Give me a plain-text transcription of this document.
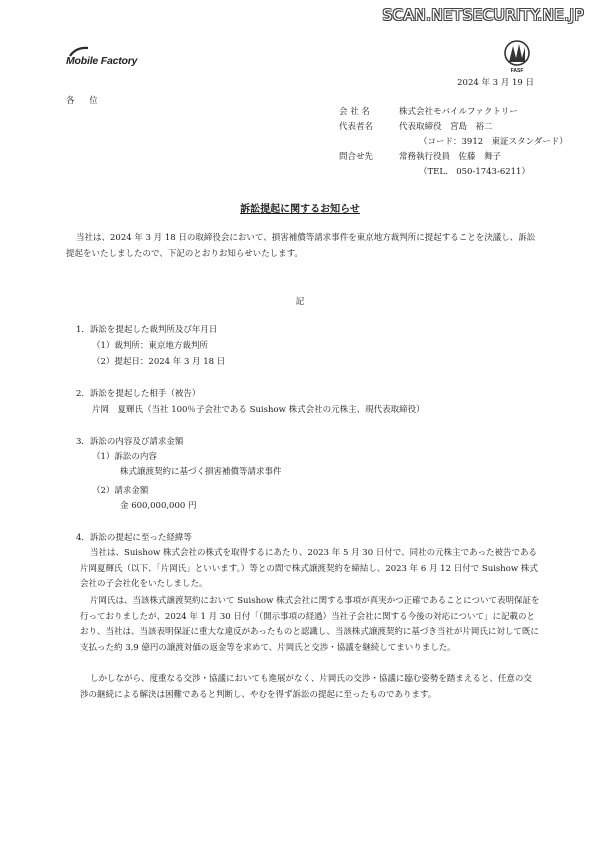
SCAN.NETSECURITY.NE.JP
Mobile Factory
FASF
2024 年 3 月 19 日
各 位
会 社 名	株式会社モバイルファクトリー
代表者名	代表取締役　宮島　裕二
（コード：3912　東証スタンダード）
問合せ先	常務執行役員　佐藤　舞子
（TEL.　050-1743-6211）
訴訟提起に関するお知らせ

当社は、2024 年 3 月 18 日の取締役会において、損害補償等請求事件を東京地方裁判所に提起することを決議し、訴訟提起をいたしましたので、下記のとおりお知らせいたします。

記
1．訴訟を提起した裁判所及び年月日
（1）裁判所：東京地方裁判所
（2）提起日：2024 年 3 月 18 日
2．訴訟を提起した相手（被告）
片岡　夏輝氏（当社 100％子会社である Suishow 株式会社の元株主、現代表取締役）
3．訴訟の内容及び請求金額
（1）訴訟の内容
株式譲渡契約に基づく損害補償等請求事件
（2）請求金額
金 600,000,000 円
4．訴訟の提起に至った経緯等

当社は、Suishow 株式会社の株式を取得するにあたり、2023 年 5 月 30 日付で、同社の元株主であった被告である片岡夏輝氏（以下、「片岡氏」といいます。）等との間で株式譲渡契約を締結し、2023 年 6 月 12 日付で Suishow 株式会社の子会社化をいたしました。

片岡氏は、当該株式譲渡契約において Suishow 株式会社に関する事項が真実かつ正確であることについて表明保証を行っておりましたが、2024 年 1 月 30 日付「（開示事項の経過）当社子会社に関する今後の対応について」に記載のとおり、当社は、当該表明保証に重大な違反があったものと認識し、当該株式譲渡契約に基づき当社が片岡氏に対して既に支払った約 3.9 億円の譲渡対価の返金等を求めて、片岡氏と交渉・協議を継続してまいりました。

しかしながら、度重なる交渉・協議においても進展がなく、片岡氏の交渉・協議に臨む姿勢を踏まえると、任意の交渉の継続による解決は困難であると判断し、やむを得ず訴訟の提起に至ったものであります。
